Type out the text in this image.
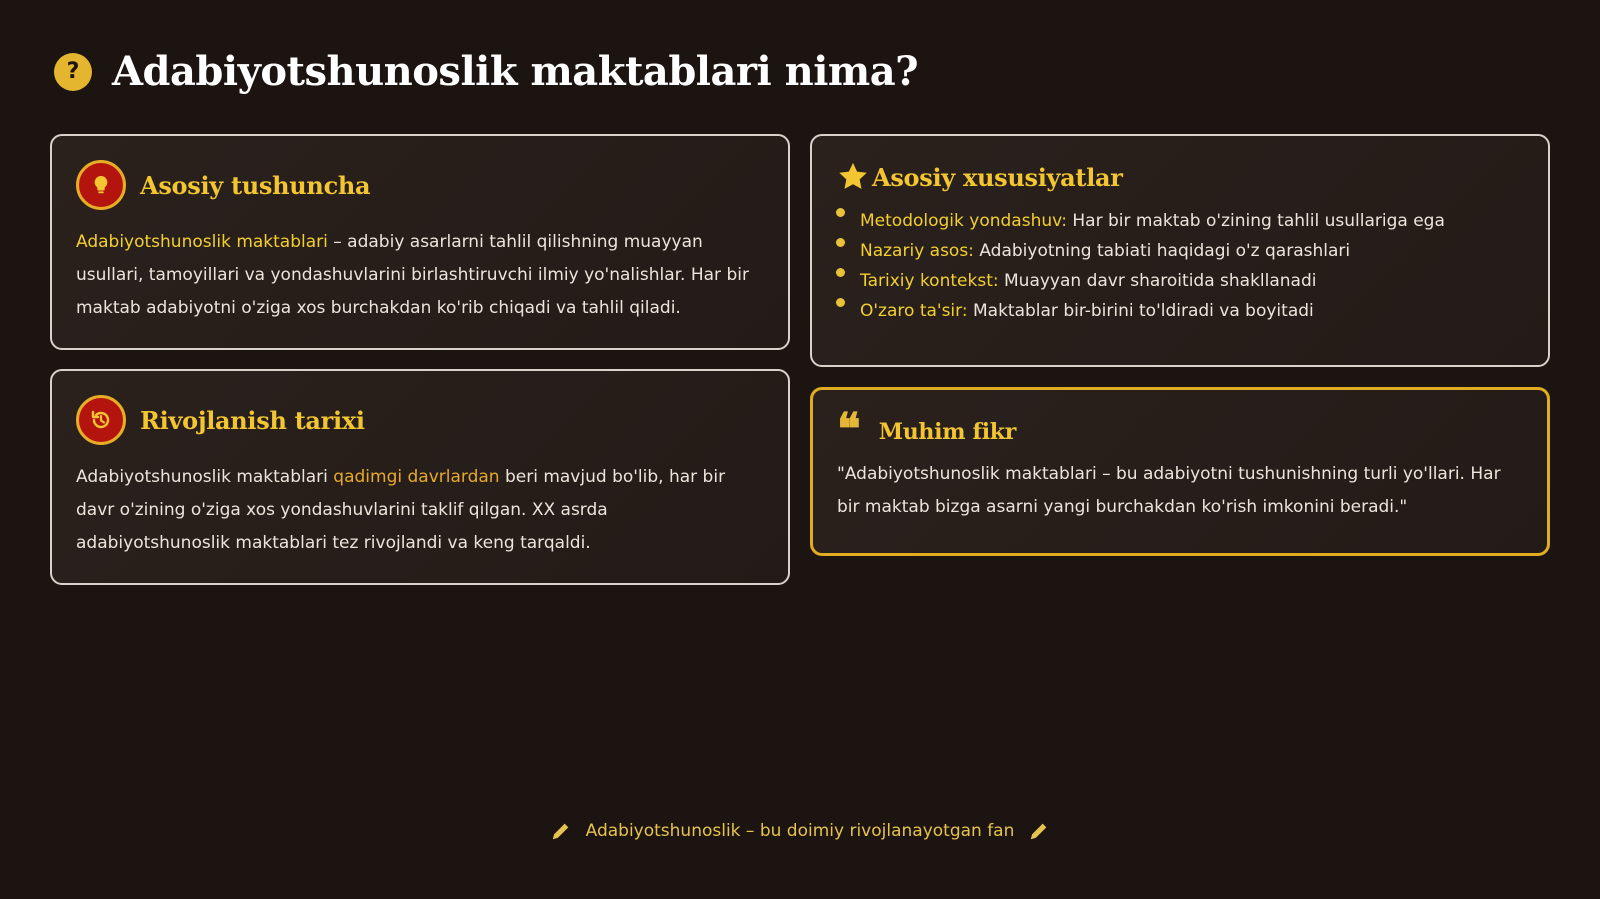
? Adabiyotshunoslik maktablari nima?
Asosiy tushuncha
Adabiyotshunoslik maktablari – adabiy asarlarni tahlil qilishning muayyan usullari, tamoyillari va yondashuvlarini birlashtiruvchi ilmiy yo'nalishlar. Har bir maktab adabiyotni o'ziga xos burchakdan ko'rib chiqadi va tahlil qiladi.
Rivojlanish tarixi
Adabiyotshunoslik maktablari qadimgi davrlardan beri mavjud bo'lib, har bir davr o'zining o'ziga xos yondashuvlarini taklif qilgan. XX asrda adabiyotshunoslik maktablari tez rivojlandi va keng tarqaldi.
Asosiy xususiyatlar
Metodologik yondashuv: Har bir maktab o'zining tahlil usullariga ega
Nazariy asos: Adabiyotning tabiati haqidagi o'z qarashlari
Tarixiy kontekst: Muayyan davr sharoitida shakllanadi
O'zaro ta'sir: Maktablar bir-birini to'ldiradi va boyitadi
❝ Muhim fikr
"Adabiyotshunoslik maktablari – bu adabiyotni tushunishning turli yo'llari. Har bir maktab bizga asarni yangi burchakdan ko'rish imkonini beradi."
Adabiyotshunoslik – bu doimiy rivojlanayotgan fan
